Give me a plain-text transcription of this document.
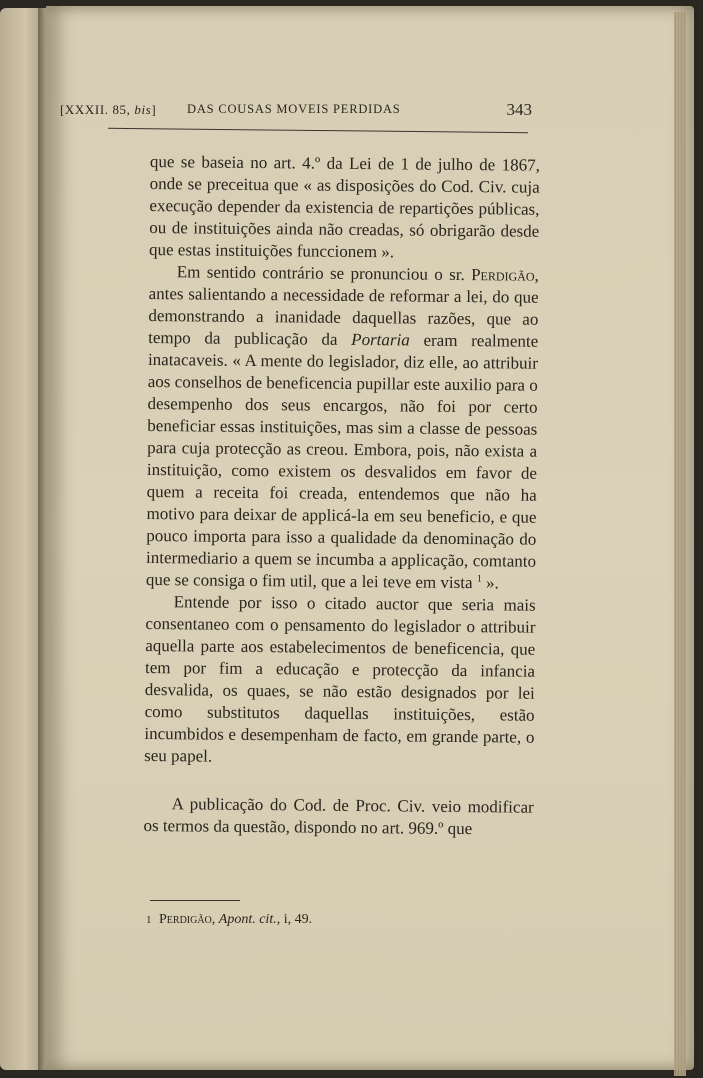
[XXXII. 85, bis] DAS COUSAS MOVEIS PERDIDAS	343

que se baseia no art. 4.º da Lei de 1 de julho de 1867, onde se preceitua que « as disposições do Cod. Civ. cuja execução depender da existencia de repartições públicas, ou de instituições ainda não creadas, só obrigarão desde que estas instituições funccionem ».

Em sentido contrário se pronunciou o sr. Perdigão, antes salientando a necessidade de reformar a lei, do que demonstrando a inanidade daquellas razões, que ao tempo da publicação da Portaria eram realmente inatacaveis. « A mente do legislador, diz elle, ao attribuir aos conselhos de beneficencia pupillar este auxilio para o desempenho dos seus encargos, não foi por certo beneficiar essas instituições, mas sim a classe de pessoas para cuja protecção as creou. Embora, pois, não exista a instituição, como existem os desvalidos em favor de quem a receita foi creada, entendemos que não ha motivo para deixar de applicá-la em seu beneficio, e que pouco importa para isso a qualidade da denominação do intermediario a quem se incumba a applicação, comtanto que se consiga o fim util, que a lei teve em vista $^1$ ».

Entende por isso o citado auctor que seria mais consentaneo com o pensamento do legislador o attribuir aquella parte aos estabelecimentos de beneficencia, que tem por fim a educação e protecção da infancia desvalida, os quaes, se não estão designados por lei como substitutos daquellas instituições, estão incumbidos e desempenham de facto, em grande parte, o seu papel.

A publicação do Cod. de Proc. Civ. veio modificar os termos da questão, dispondo no art. 969.º que

1 Perdigão, Apont. cit., i, 49.
